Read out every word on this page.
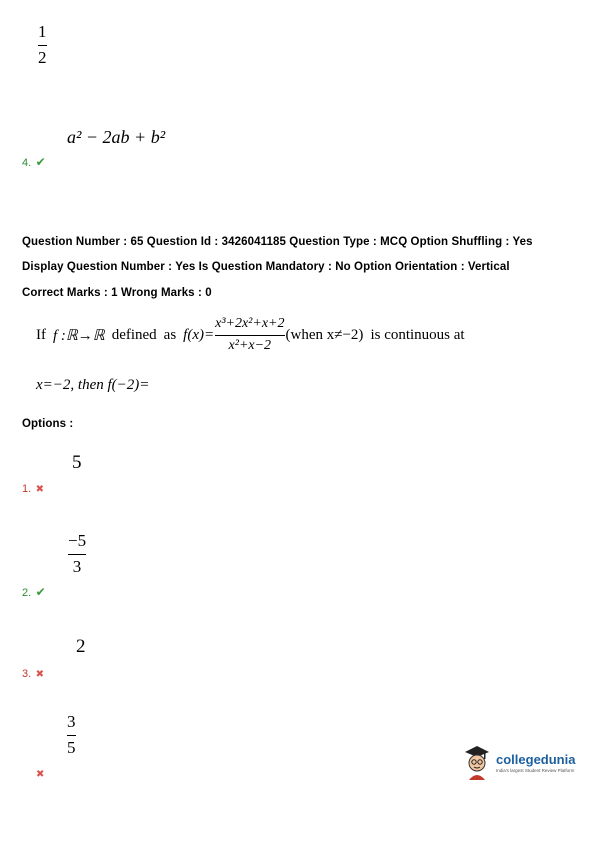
1
2
a² − 2ab + b²
4. ✔
Question Number : 65 Question Id : 3426041185 Question Type : MCQ Option Shuffling : Yes
Display Question Number : Yes Is Question Mandatory : No Option Orientation : Vertical
Correct Marks : 1 Wrong Marks : 0
If f :ℝ→ℝ defined as $f(x)= \frac{\text{x³+2x²+x+2}}{\text{x²+x−2}}$ (when x≠−2) is continuous at
x=−2, then f(−2)=
Options :
5
1. ✖
−5
3
2. ✔
2
3. ✖
3
5
✖
collegedunia
India's largest Student Review Platform
